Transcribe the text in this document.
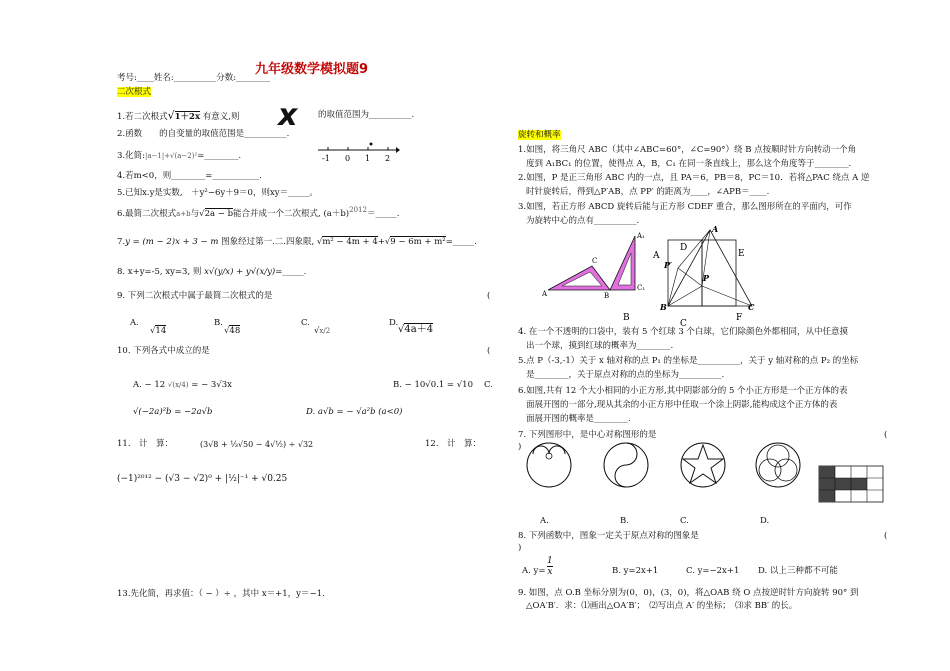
九年级数学模拟题9
考号:____姓名:__________分数:________
二次根式
1.若二次根式√1＋2x 有意义,则 x 的取值范围为__________.
2.函数　　的自变量的取值范围是__________.
3.化简:|a−1|+√(a−2)²=________.	-1 0 1 2
4.若m<0，则________=___________.
5.已知x.y是实数,　＋y²−6y＋9＝0，则xy＝_____。
6.最简二次根式a+b与√2a − b能合并成一个二次根式, $(a+b)^{2012}=\_\_\_\_\_$.
7.y = (m − 2)x + 3 − m 图象经过第一.二.四象限, √m² − 4m + 4+√9 − 6m + m²=_____.
8. x+y=-5, xy=3, 则 x√(y/x) + y√(x/y)=_____.
9. 下列二次根式中属于最简二次根式的是	(
A.
√14
B.
√48
C.
√x/2
D.
√4a＋4
10. 下列各式中成立的是	(
A. − 12 √(x/4) = − 3√3x	B. − 10√0.1 = √10 C.
√(−2a)²b = −2a√b	D. a√b = − √a²b (a<0)
11.　计　算：	(3√8 + ⅓√50 − 4√½) ÷ √32	12.　计　算：
(−1)²⁰¹² − (√3 − √2)⁰ + |½|⁻¹ + √0.25
13.先化简，再求值：（ − ）÷ ，其中 x＝+1，y＝−1.
旋转和概率
1.如图，将三角尺 ABC（其中∠ABC=60°，∠C=90°）绕 B 点按顺时针方向转动一个角
度到 A₁BC₁ 的位置，使得点 A，B，C₁ 在同一条直线上，那么这个角度等于________.
2.如图，P 是正三角形 ABC 内的一点，且 PA＝6，PB＝8，PC＝10．若将△PAC 绕点 A 逆
时针旋转后，得到△P′AB，点 PP′ 的距离为____，∠APB＝____.
3.如图，若正方形 ABCD 旋转后能与正方形 CDEF 重合，那么图形所在的平面内，可作
为旋转中心的点有__________.
A
C
B
A₁
C₁
A
D
E
B
C
F
P′
P
A
B	C
4. 在一个不透明的口袋中，装有 5 个红球 3 个白球，它们除颜色外都相同，从中任意摸
出一个球，摸到红球的概率为________.
5.点 P（-3,-1）关于 x 轴对称的点 P₁ 的坐标是__________，关于 y 轴对称的点 P₂ 的坐标
是________，关于原点对称的点的坐标为__________.
6.如图,共有 12 个大小相同的小正方形,其中阴影部分的 5 个小正方形是一个正方体的表
面展开图的一部分,现从其余的小正方形中任取一个涂上阴影,能构成这个正方体的表
面展开图的概率是________.
7. 下列图形中，是中心对称图形的是	(
)
A.	B.	C.	D.
8. 下列函数中，图象一定关于原点对称的图象是	(
)
A. y=
1
x	B. y=2x+1	C. y=−2x+1 D. 以上三种都不可能
9. 如图，点 O.B 坐标分别为(0，0)，(3，0)，将△OAB 绕 O 点按逆时针方向旋转 90° 到
△OA′B′．求：⑴画出△OA′B′；　⑵写出点 A′ 的坐标；　⑶求 BB′ 的长。
